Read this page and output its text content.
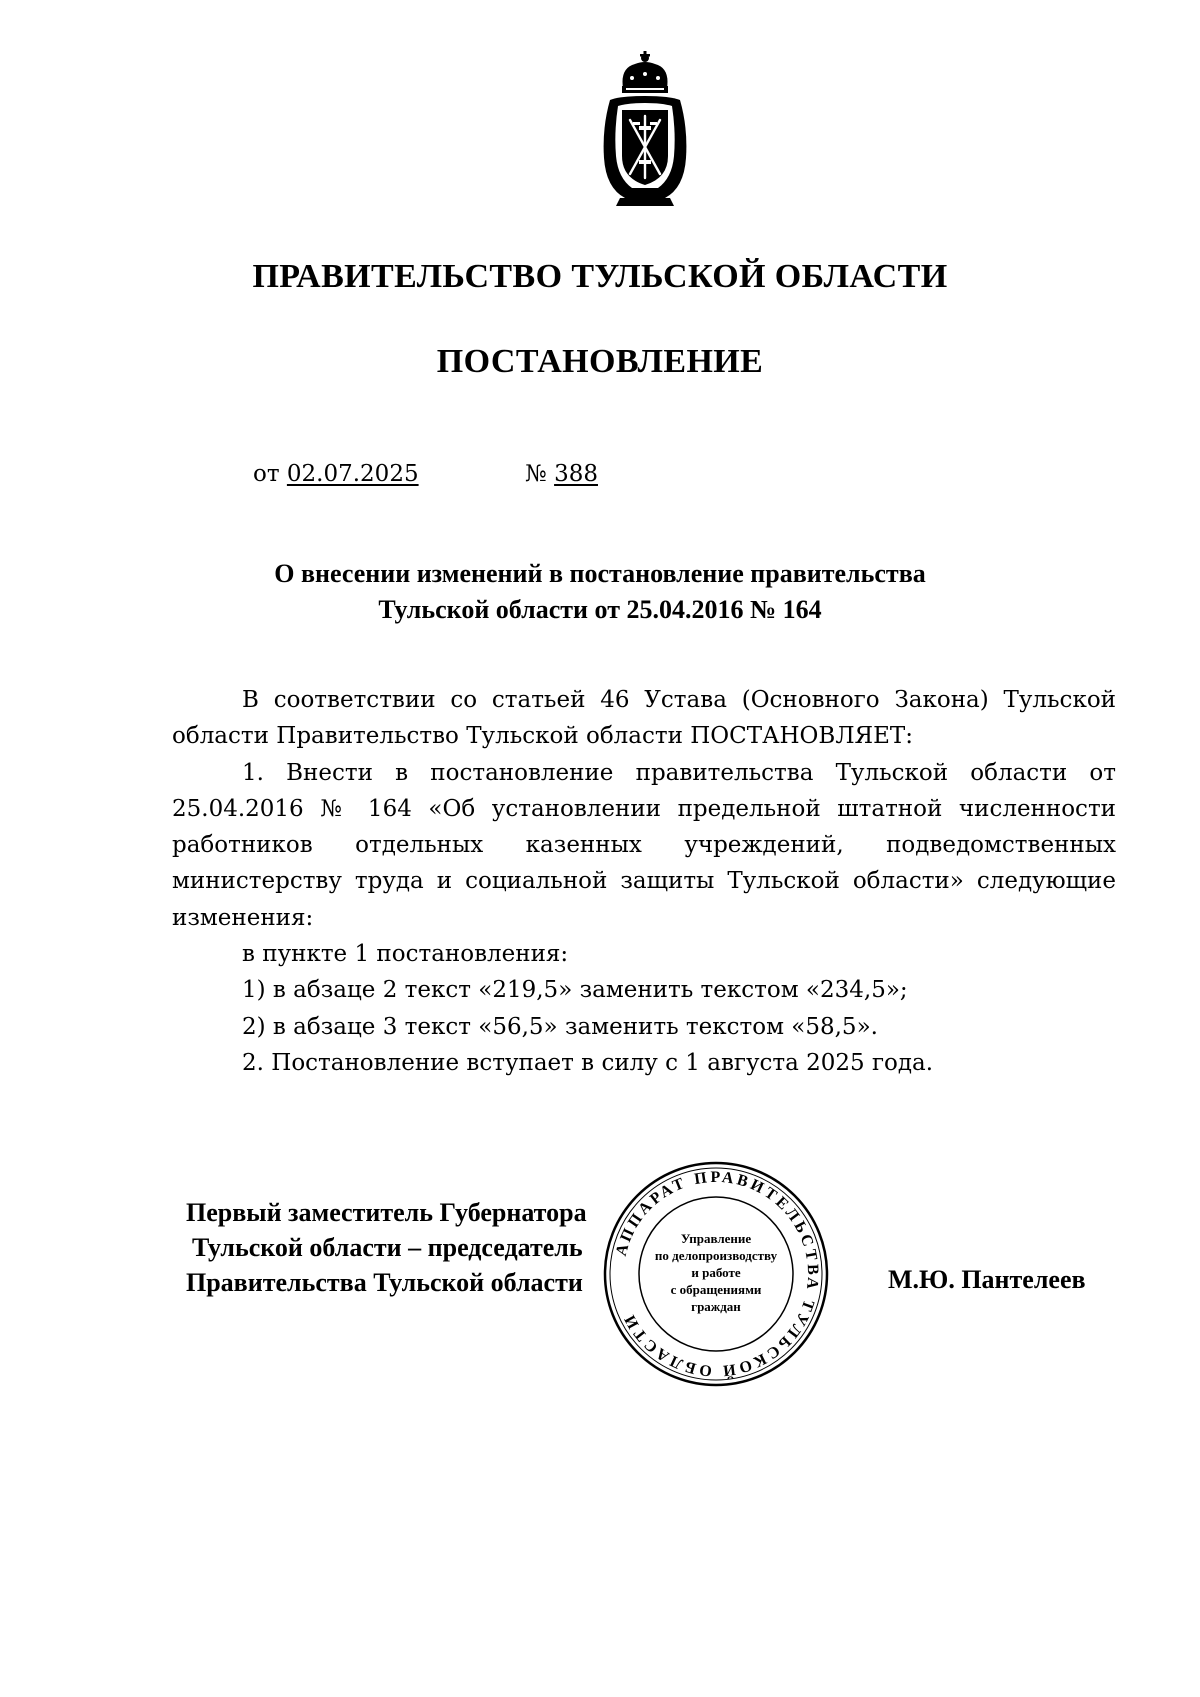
ПРАВИТЕЛЬСТВО ТУЛЬСКОЙ ОБЛАСТИ
ПОСТАНОВЛЕНИЕ
от 02.07.2025	№ 388
О внесении изменений в постановление правительства
Тульской области от 25.04.2016 № 164

В соответствии со статьей 46 Устава (Основного Закона) Тульской области Правительство Тульской области ПОСТАНОВЛЯЕТ:

1. Внести в постановление правительства Тульской области от 25.04.2016 № 164 «Об установлении предельной штатной численности работников отдельных казенных учреждений, подведомственных министерству труда и социальной защиты Тульской области» следующие изменения:

в пункте 1 постановления:

1) в абзаце 2 текст «219,5» заменить текстом «234,5»;

2) в абзаце 3 текст «56,5» заменить текстом «58,5».

2. Постановление вступает в силу с 1 августа 2025 года.

Первый заместитель Губернатора
Тульской области – председатель
Правительства Тульской области
АППАРАТ ПРАВИТЕЛЬСТВА ТУЛЬСКОЙ ОБЛАСТИ
Управление
по делопроизводству
и работе
с обращениями
граждан
М.Ю. Пантелеев
